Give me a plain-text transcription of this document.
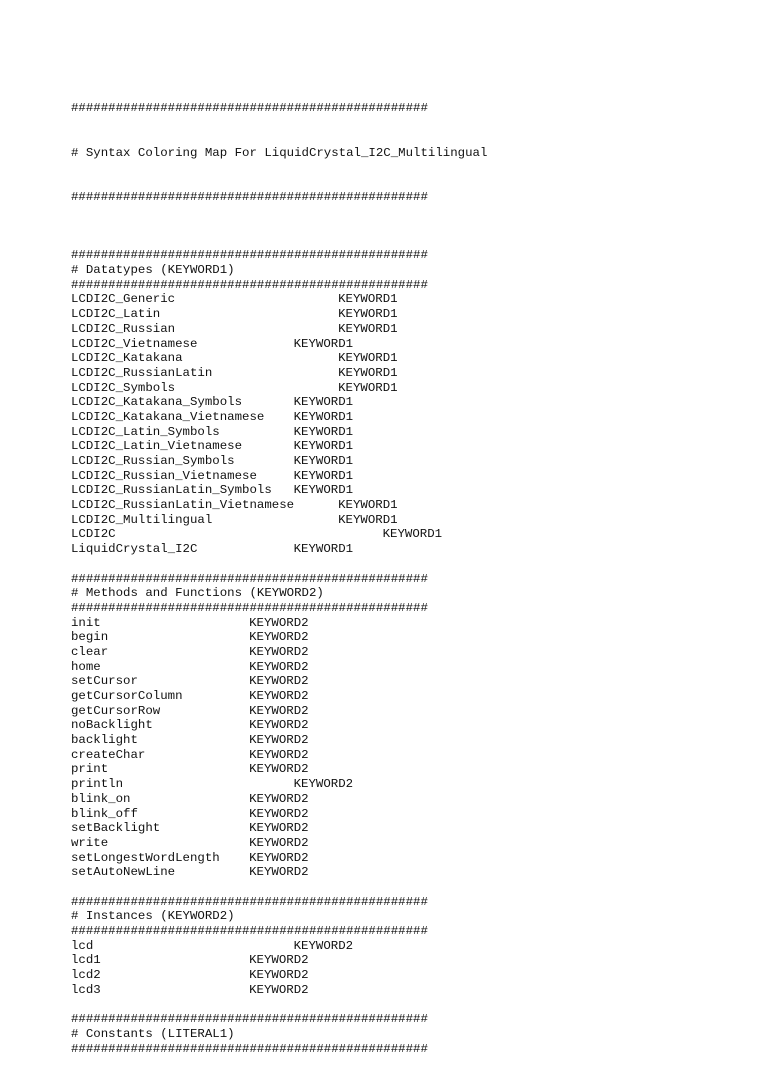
################################################

# Syntax Coloring Map For LiquidCrystal_I2C_Multilingual

################################################

################################################
# Datatypes (KEYWORD1)
################################################
LCDI2C_Generic	KEYWORD1
LCDI2C_Latin	KEYWORD1
LCDI2C_Russian	KEYWORD1
LCDI2C_Vietnamese	KEYWORD1
LCDI2C_Katakana	KEYWORD1
LCDI2C_RussianLatin	KEYWORD1
LCDI2C_Symbols	KEYWORD1
LCDI2C_Katakana_Symbols	KEYWORD1
LCDI2C_Katakana_Vietnamese KEYWORD1
LCDI2C_Latin_Symbols	KEYWORD1
LCDI2C_Latin_Vietnamese	KEYWORD1
LCDI2C_Russian_Symbols	KEYWORD1
LCDI2C_Russian_Vietnamese	KEYWORD1
LCDI2C_RussianLatin_Symbols KEYWORD1
LCDI2C_RussianLatin_Vietnamese	KEYWORD1
LCDI2C_Multilingual	KEYWORD1
LCDI2C	KEYWORD1
LiquidCrystal_I2C	KEYWORD1
################################################
# Methods and Functions (KEYWORD2)
################################################
init	KEYWORD2
begin	KEYWORD2
clear	KEYWORD2
home	KEYWORD2
setCursor	KEYWORD2
getCursorColumn	KEYWORD2
getCursorRow	KEYWORD2
noBacklight	KEYWORD2
backlight	KEYWORD2
createChar	KEYWORD2
print	KEYWORD2
println	KEYWORD2
blink_on	KEYWORD2
blink_off	KEYWORD2
setBacklight	KEYWORD2
write	KEYWORD2
setLongestWordLength KEYWORD2
setAutoNewLine	KEYWORD2
################################################
# Instances (KEYWORD2)
################################################
lcd	KEYWORD2
lcd1	KEYWORD2
lcd2	KEYWORD2
lcd3	KEYWORD2
################################################
# Constants (LITERAL1)
################################################
